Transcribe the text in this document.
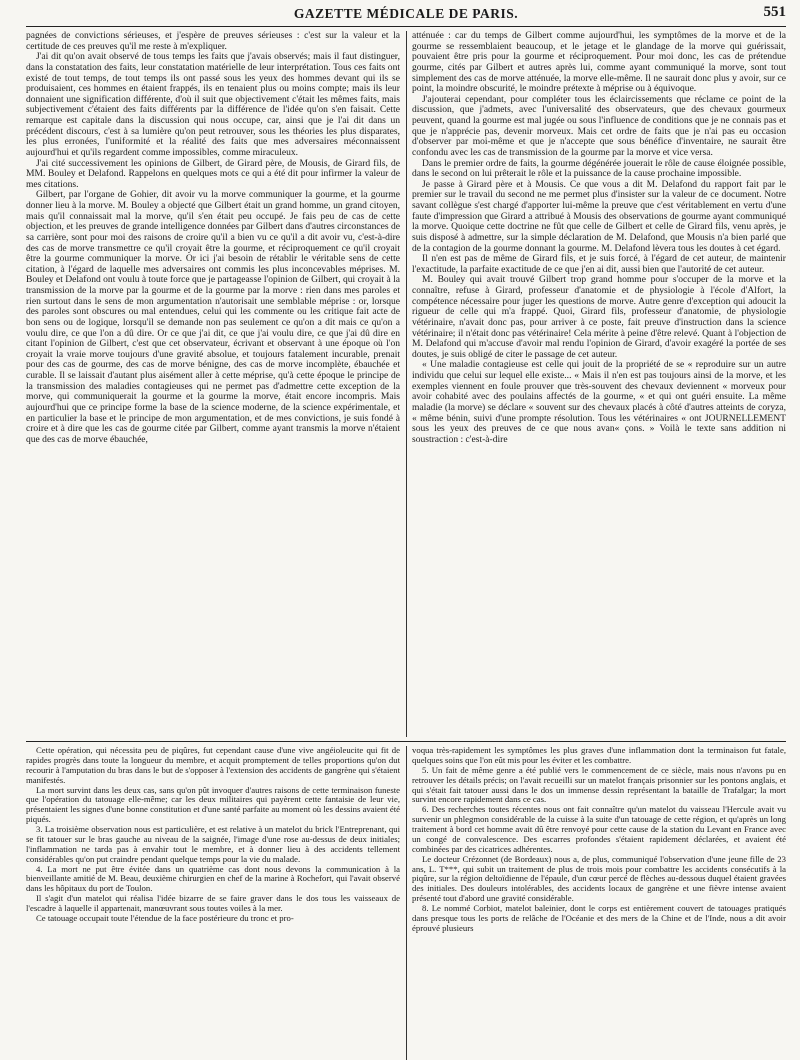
GAZETTE MÉDICALE DE PARIS.	551

pagnées de convictions sérieuses, et j'espère de preuves sérieuses : c'est sur la valeur et la certitude de ces preuves qu'il me reste à m'expliquer.

J'ai dit qu'on avait observé de tous temps les faits que j'avais observés; mais il faut distinguer, dans la constatation des faits, leur constatation matérielle de leur interprétation. Tous ces faits ont existé de tout temps, de tout temps ils ont passé sous les yeux des hommes devant qui ils se produisaient, ces hommes en étaient frappés, ils en tenaient plus ou moins compte; mais ils leur donnaient une signification différente, d'où il suit que objectivement c'était les mêmes faits, mais subjectivement c'étaient des faits différents par la différence de l'idée qu'on s'en faisait. Cette remarque est capitale dans la discussion qui nous occupe, car, ainsi que je l'ai dit dans un précédent discours, c'est à sa lumière qu'on peut retrouver, sous les théories les plus disparates, les plus erronées, l'uniformité et la réalité des faits que mes adversaires méconnaissent aujourd'hui et qu'ils regardent comme impossibles, comme miraculeux.

J'ai cité successivement les opinions de Gilbert, de Girard père, de Mousis, de Girard fils, de MM. Bouley et Delafond. Rappelons en quelques mots ce qui a été dit pour infirmer la valeur de mes citations.

Gilbert, par l'organe de Gohier, dit avoir vu la morve communiquer la gourme, et la gourme donner lieu à la morve. M. Bouley a objecté que Gilbert était un grand homme, un grand citoyen, mais qu'il connaissait mal la morve, qu'il s'en était peu occupé. Je fais peu de cas de cette objection, et les preuves de grande intelligence données par Gilbert dans d'autres circonstances de sa carrière, sont pour moi des raisons de croire qu'il a bien vu ce qu'il a dit avoir vu, c'est-à-dire des cas de morve transmettre ce qu'il croyait être la gourme, et réciproquement ce qu'il croyait être la gourme communiquer la morve. Or ici j'ai besoin de rétablir le véritable sens de cette citation, à l'égard de laquelle mes adversaires ont commis les plus inconcevables méprises. M. Bouley et Delafond ont voulu à toute force que je partageasse l'opinion de Gilbert, qui croyait à la transmission de la morve par la gourme et de la gourme par la morve : rien dans mes paroles et rien surtout dans le sens de mon argumentation n'autorisait une semblable méprise : or, lorsque des paroles sont obscures ou mal entendues, celui qui les commente ou les critique fait acte de bon sens ou de logique, lorsqu'il se demande non pas seulement ce qu'on a dit mais ce qu'on a voulu dire, ce que l'on a dû dire. Or ce que j'ai dit, ce que j'ai voulu dire, ce que j'ai dû dire en citant l'opinion de Gilbert, c'est que cet observateur, écrivant et observant à une époque où l'on croyait la vraie morve toujours d'une gravité absolue, et toujours fatalement incurable, prenait pour des cas de gourme, des cas de morve bénigne, des cas de morve incomplète, ébauchée et curable. Il se laissait d'autant plus aisément aller à cette méprise, qu'à cette époque le principe de la transmission des maladies contagieuses qui ne permet pas d'admettre cette exception de la morve, qui communiquerait la gourme et la gourme la morve, était encore incompris. Mais aujourd'hui que ce principe forme la base de la science moderne, de la science expérimentale, et en particulier la base et le principe de mon argumentation, et de mes convictions, je suis fondé à croire et à dire que les cas de gourme citée par Gilbert, comme ayant transmis la morve n'étaient que des cas de morve ébauchée,

atténuée : car du temps de Gilbert comme aujourd'hui, les symptômes de la morve et de la gourme se ressemblaient beaucoup, et le jetage et le glandage de la morve qui guérissait, pouvaient être pris pour la gourme et réciproquement. Pour moi donc, les cas de prétendue gourme, cités par Gilbert et autres après lui, comme ayant communiqué la morve, sont tout simplement des cas de morve atténuée, la morve elle-même. Il ne saurait donc plus y avoir, sur ce point, la moindre obscurité, le moindre prétexte à méprise ou à équivoque.

J'ajouterai cependant, pour compléter tous les éclaircissements que réclame ce point de la discussion, que j'admets, avec l'universalité des observateurs, que des chevaux gourmeux peuvent, quand la gourme est mal jugée ou sous l'influence de conditions que je ne connais pas et que je n'apprécie pas, devenir morveux. Mais cet ordre de faits que je n'ai pas eu occasion d'observer par moi-même et que je n'accepte que sous bénéfice d'inventaire, ne saurait être confondu avec les cas de transmission de la gourme par la morve et vice versa.

Dans le premier ordre de faits, la gourme dégénérée jouerait le rôle de cause éloignée possible, dans le second on lui prêterait le rôle et la puissance de la cause prochaine impossible.

Je passe à Girard père et à Mousis. Ce que vous a dit M. Delafond du rapport fait par le premier sur le travail du second ne me permet plus d'insister sur la valeur de ce document. Notre savant collègue s'est chargé d'apporter lui-même la preuve que c'est véritablement en vertu d'une faute d'impression que Girard a attribué à Mousis des observations de gourme ayant communiqué la morve. Quoique cette doctrine ne fût que celle de Gilbert et celle de Girard fils, venu après, je suis disposé à admettre, sur la simple déclaration de M. Delafond, que Mousis n'a bien parlé que de la contagion de la gourme donnant la gourme. M. Delafond lèvera tous les doutes à cet égard.

Il n'en est pas de même de Girard fils, et je suis forcé, à l'égard de cet auteur, de maintenir l'exactitude, la parfaite exactitude de ce que j'en ai dit, aussi bien que l'autorité de cet auteur.

M. Bouley qui avait trouvé Gilbert trop grand homme pour s'occuper de la morve et la connaître, refuse à Girard, professeur d'anatomie et de physiologie à l'école d'Alfort, la compétence nécessaire pour juger les questions de morve. Autre genre d'exception qui adoucit la rigueur de celle qui m'a frappé. Quoi, Girard fils, professeur d'anatomie, de physiologie vétérinaire, n'avait donc pas, pour arriver à ce poste, fait preuve d'instruction dans la science vétérinaire; il n'était donc pas vétérinaire! Cela mérite à peine d'être relevé. Quant à l'objection de M. Delafond qui m'accuse d'avoir mal rendu l'opinion de Girard, d'avoir exagéré la portée de ses doutes, je suis obligé de citer le passage de cet auteur.

« Une maladie contagieuse est celle qui jouit de la propriété de se « reproduire sur un autre individu que celui sur lequel elle existe... « Mais il n'en est pas toujours ainsi de la morve, et les exemples viennent en foule prouver que très-souvent des chevaux deviennent « morveux pour avoir cohabité avec des poulains affectés de la gourme, « et qui ont guéri ensuite. La même maladie (la morve) se déclare « souvent sur des chevaux placés à côté d'autres atteints de coryza, « même bénin, suivi d'une prompte résolution. Tous les vétérinaires « ont JOURNELLEMENT sous les yeux des preuves de ce que nous avan« çons. » Voilà le texte sans addition ni soustraction : c'est-à-dire

Cette opération, qui nécessita peu de piqûres, fut cependant cause d'une vive angéioleucite qui fit de rapides progrès dans toute la longueur du membre, et acquit promptement de telles proportions qu'on dut recourir à l'amputation du bras dans le but de s'opposer à l'extension des accidents de gangrène qui s'étaient manifestés.

La mort survint dans les deux cas, sans qu'on pût invoquer d'autres raisons de cette terminaison funeste que l'opération du tatouage elle-même; car les deux militaires qui payèrent cette fantaisie de leur vie, présentaient les signes d'une bonne constitution et d'une santé parfaite au moment où les dessins avaient été piqués.

3. La troisième observation nous est particulière, et est relative à un matelot du brick l'Entreprenant, qui se fit tatouer sur le bras gauche au niveau de la saignée, l'image d'une rose au-dessus de deux initiales; l'inflammation ne tarda pas à envahir tout le membre, et à donner lieu à des accidents tellement considérables qu'on put craindre pendant quelque temps pour la vie du malade.

4. La mort ne put être évitée dans un quatrième cas dont nous devons la communication à la bienveillante amitié de M. Beau, deuxième chirurgien en chef de la marine à Rochefort, qui l'avait observé dans les hôpitaux du port de Toulon.

Il s'agit d'un matelot qui réalisa l'idée bizarre de se faire graver dans le dos tous les vaisseaux de l'escadre à laquelle il appartenait, manœuvrant sous toutes voiles à la mer.

Ce tatouage occupait toute l'étendue de la face postérieure du tronc et pro-

voqua très-rapidement les symptômes les plus graves d'une inflammation dont la terminaison fut fatale, quelques soins que l'on eût mis pour les éviter et les combattre.

5. Un fait de même genre a été publié vers le commencement de ce siècle, mais nous n'avons pu en retrouver les détails précis; on l'avait recueilli sur un matelot français prisonnier sur les pontons anglais, et qui s'était fait tatouer aussi dans le dos un immense dessin représentant la bataille de Trafalgar; la mort survint encore rapidement dans ce cas.

6. Des recherches toutes récentes nous ont fait connaître qu'un matelot du vaisseau l'Hercule avait vu survenir un phlegmon considérable de la cuisse à la suite d'un tatouage de cette région, et qu'après un long traitement à bord cet homme avait dû être renvoyé pour cette cause de la station du Levant en France avec un congé de convalescence. Des escarres profondes s'étaient rapidement déclarées, et avaient été combinées par des cicatrices adhérentes.

Le docteur Crézonnet (de Bordeaux) nous a, de plus, communiqué l'observation d'une jeune fille de 23 ans, L. T***, qui subit un traitement de plus de trois mois pour combattre les accidents consécutifs à la piqûre, sur la région deltoïdienne de l'épaule, d'un cœur percé de flèches au-dessous duquel étaient gravées des initiales. Des douleurs intolérables, des accidents locaux de gangrène et une fièvre intense avaient présenté tout d'abord une gravité considérable.

8. Le nommé Corbiot, matelot baleinier, dont le corps est entièrement couvert de tatouages pratiqués dans presque tous les ports de relâche de l'Océanie et des mers de la Chine et de l'Inde, nous a dit avoir éprouvé plusieurs
